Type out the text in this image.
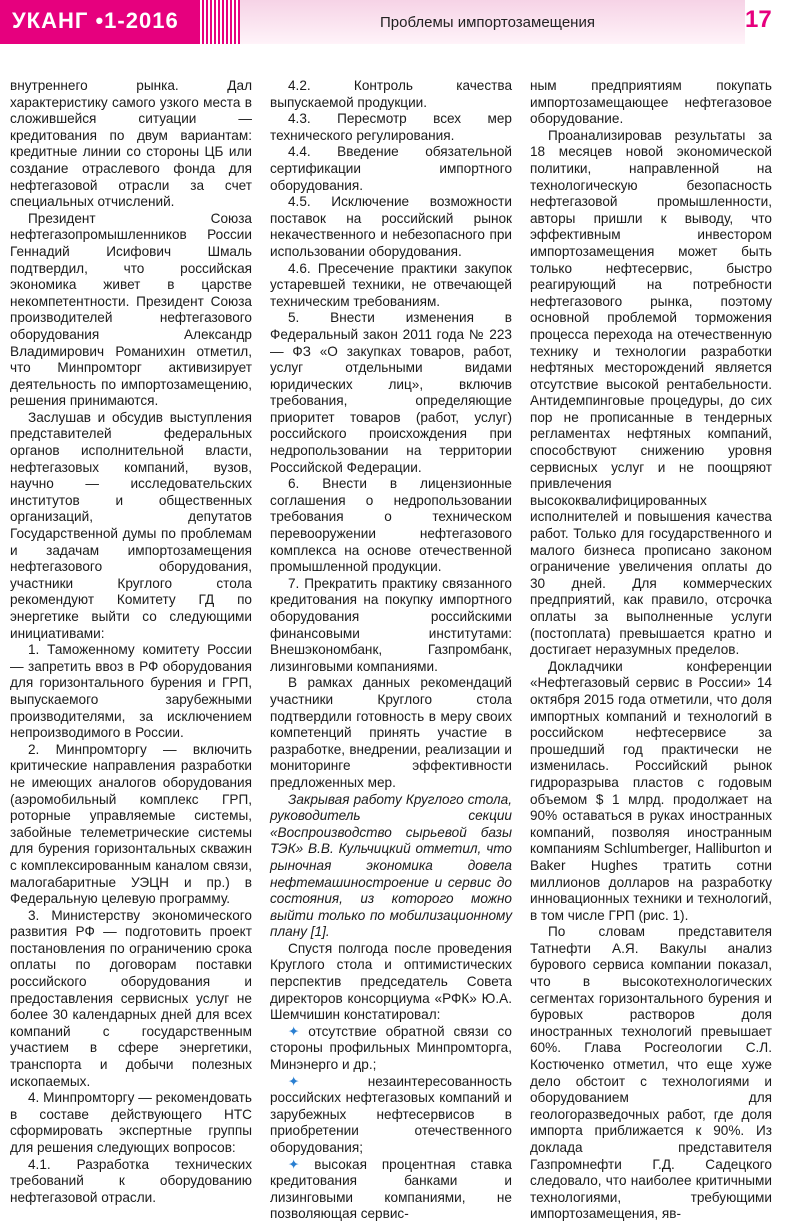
УКАНГ •1-2016	Проблемы импортозамещения	17

внутреннего рынка. Дал характеристику самого узкого места в сложившейся ситуации — кредитования по двум вариантам: кредитные линии со стороны ЦБ или создание отраслевого фонда для нефтегазовой отрасли за счет специальных отчислений.

Президент Союза нефтегазопромышленников России Геннадий Исифович Шмаль подтвердил, что российская экономика живет в царстве некомпетентности. Президент Союза производителей нефтегазового оборудования Александр Владимирович Романихин отметил, что Минпромторг активизирует деятельность по импортозамещению, решения принимаются.

Заслушав и обсудив выступления представителей федеральных органов исполнительной власти, нефтегазовых компаний, вузов, научно — исследовательских институтов и общественных организаций, депутатов Государственной думы по проблемам и задачам импортозамещения нефтегазового оборудования, участники Круглого стола рекомендуют Комитету ГД по энергетике выйти со следующими инициативами:

1. Таможенному комитету России — запретить ввоз в РФ оборудования для горизонтального бурения и ГРП, выпускаемого зарубежными производителями, за исключением непроизводимого в России.

2. Минпромторгу — включить критические направления разработки не имеющих аналогов оборудования (аэромобильный комплекс ГРП, роторные управляемые системы, забойные телеметрические системы для бурения горизонтальных скважин с комплексированным каналом связи, малогабаритные УЭЦН и пр.) в Федеральную целевую программу.

3. Министерству экономического развития РФ — подготовить проект постановления по ограничению срока оплаты по договорам поставки российского оборудования и предоставления сервисных услуг не более 30 календарных дней для всех компаний с государственным участием в сфере энергетики, транспорта и добычи полезных ископаемых.

4. Минпромторгу — рекомендовать в составе действующего НТС сформировать экспертные группы для решения следующих вопросов:

4.1. Разработка технических требований к оборудованию нефтегазовой отрасли.

4.2. Контроль качества выпускаемой продукции.

4.3. Пересмотр всех мер технического регулирования.

4.4. Введение обязательной сертификации импортного оборудования.

4.5. Исключение возможности поставок на российский рынок некачественного и небезопасного при использовании оборудования.

4.6. Пресечение практики закупок устаревшей техники, не отвечающей техническим требованиям.

5. Внести изменения в Федеральный закон 2011 года № 223 — ФЗ «О закупках товаров, работ, услуг отдельными видами юридических лиц», включив требования, определяющие приоритет товаров (работ, услуг) российского происхождения при недропользовании на территории Российской Федерации.

6. Внести в лицензионные соглашения о недропользовании требования о техническом перевооружении нефтегазового комплекса на основе отечественной промышленной продукции.

7. Прекратить практику связанного кредитования на покупку импортного оборудования российскими финансовыми институтами: Внешэкономбанк, Газпромбанк, лизинговыми компаниями.

В рамках данных рекомендаций участники Круглого стола подтвердили готовность в меру своих компетенций принять участие в разработке, внедрении, реализации и мониторинге эффективности предложенных мер.

Закрывая работу Круглого стола, руководитель секции «Воспроизводство сырьевой базы ТЭК» В.В. Кульчицкий отметил, что рыночная экономика довела нефтемашиностроение и сервис до состояния, из которого можно выйти только по мобилизационному плану [1].

Спустя полгода после проведения Круглого стола и оптимистических перспектив председатель Совета директоров консорциума «РФК» Ю.А. Шемчишин констатировал:

✦ отсутствие обратной связи со стороны профильных Минпромторга, Минэнерго и др.;

✦	незаинтересованность российских нефтегазовых компаний и зарубежных нефтесервисов в приобретении отечественного оборудования;

✦ высокая процентная ставка кредитования банками и лизинговыми компаниями, не позволяющая сервис-

ным предприятиям покупать импортозамещающее нефтегазовое оборудование.

Проанализировав результаты за 18 месяцев новой экономической политики, направленной на технологическую безопасность нефтегазовой промышленности, авторы пришли к выводу, что эффективным инвестором импортозамещения может быть только нефтесервис, быстро реагирующий на потребности нефтегазового рынка, поэтому основной проблемой торможения процесса перехода на отечественную технику и технологии разработки нефтяных месторождений является отсутствие высокой рентабельности. Антидемпинговые процедуры, до сих пор не прописанные в тендерных регламентах нефтяных компаний, способствуют снижению уровня сервисных услуг и не поощряют привлечения высококвалифицированных исполнителей и повышения качества работ. Только для государственного и малого бизнеса прописано законом ограничение увеличения оплаты до 30 дней. Для коммерческих предприятий, как правило, отсрочка оплаты за выполненные услуги (постоплата) превышается кратно и достигает неразумных пределов.

Докладчики конференции «Нефтегазовый сервис в России» 14 октября 2015 года отметили, что доля импортных компаний и технологий в российском нефтесервисе за прошедший год практически не изменилась. Российский рынок гидроразрыва пластов с годовым объемом $ 1 млрд. продолжает на 90% оставаться в руках иностранных компаний, позволяя иностранным компаниям Schlumberger, Halliburton и Baker Hughes тратить сотни миллионов долларов на разработку инновационных техники и технологий, в том числе ГРП (рис. 1).

По словам представителя Татнефти А.Я. Вакулы анализ бурового сервиса компании показал, что в высокотехнологических сегментах горизонтального бурения и буровых растворов доля иностранных технологий превышает 60%. Глава Росгеологии С.Л. Костюченко отметил, что еще хуже дело обстоит с технологиями и оборудованием для геологоразведочных работ, где доля импорта приближается к 90%. Из доклада представителя Газпромнефти Г.Д. Садецкого следовало, что наиболее критичными технологиями, требующими импортозамещения, яв-
